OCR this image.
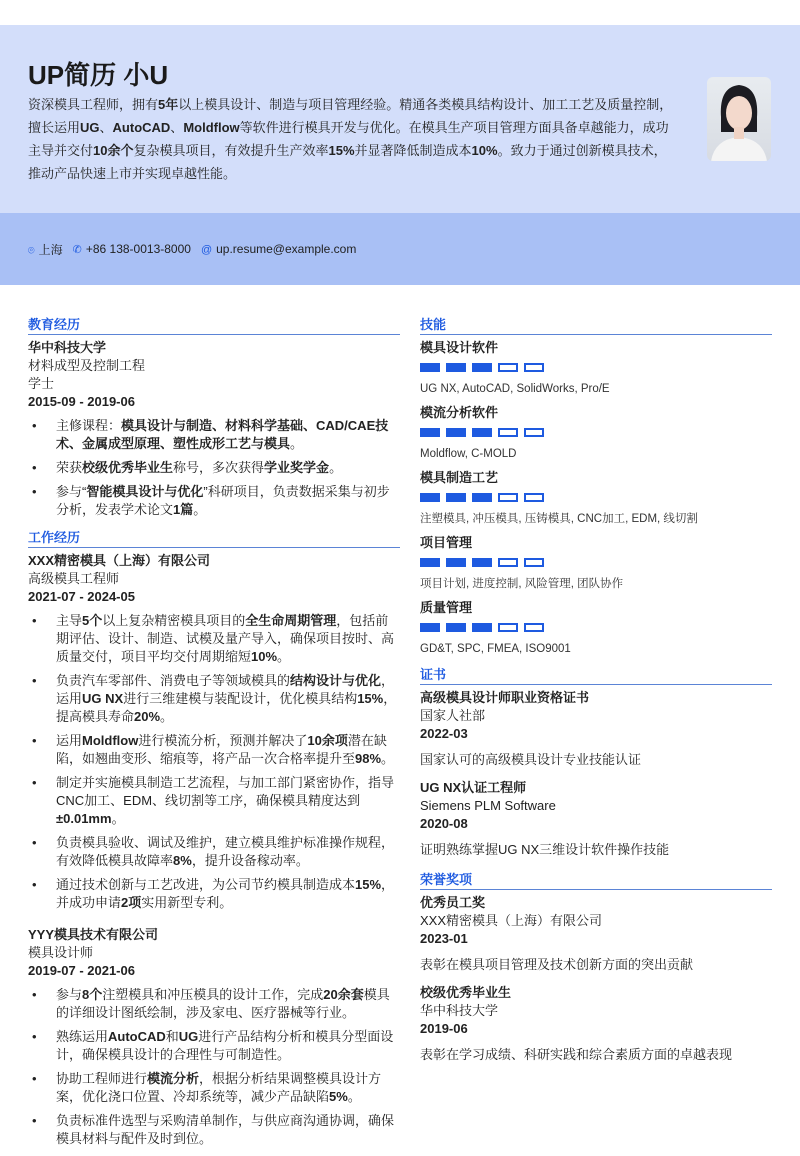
UP简历 小U
资深模具工程师，拥有5年以上模具设计、制造与项目管理经验。精通各类模具结构设计、加工工艺及质量控制，擅长运用UG、AutoCAD、Moldflow等软件进行模具开发与优化。在模具生产项目管理方面具备卓越能力，成功主导并交付10余个复杂模具项目，有效提升生产效率15%并显著降低制造成本10%。致力于通过创新模具技术，推动产品快速上市并实现卓越性能。
⌾ 上海 ✆ +86 138-0013-8000 @ up.resume@example.com
教育经历
华中科技大学
材料成型及控制工程
学士
2015-09 - 2019-06
• 主修课程：模具设计与制造、材料科学基础、CAD/CAE技术、金属成型原理、塑性成形工艺与模具。
• 荣获校级优秀毕业生称号，多次获得学业奖学金。
• 参与“智能模具设计与优化”科研项目，负责数据采集与初步分析，发表学术论文1篇。
工作经历
XXX精密模具（上海）有限公司
高级模具工程师
2021-07 - 2024-05
• 主导5个以上复杂精密模具项目的全生命周期管理，包括前期评估、设计、制造、试模及量产导入，确保项目按时、高质量交付，项目平均交付周期缩短10%。
• 负责汽车零部件、消费电子等领域模具的结构设计与优化，运用UG NX进行三维建模与装配设计，优化模具结构15%，提高模具寿命20%。
• 运用Moldflow进行模流分析，预测并解决了10余项潜在缺陷，如翘曲变形、缩痕等，将产品一次合格率提升至98%。
• 制定并实施模具制造工艺流程，与加工部门紧密协作，指导CNC加工、EDM、线切割等工序，确保模具精度达到±0.01mm。
• 负责模具验收、调试及维护，建立模具维护标准操作规程，有效降低模具故障率8%，提升设备稼动率。
• 通过技术创新与工艺改进，为公司节约模具制造成本15%，并成功申请2项实用新型专利。
YYY模具技术有限公司
模具设计师
2019-07 - 2021-06
• 参与8个注塑模具和冲压模具的设计工作，完成20余套模具的详细设计图纸绘制，涉及家电、医疗器械等行业。
• 熟练运用AutoCAD和UG进行产品结构分析和模具分型面设计，确保模具设计的合理性与可制造性。
• 协助工程师进行模流分析，根据分析结果调整模具设计方案，优化浇口位置、冷却系统等，减少产品缺陷5%。
• 负责标准件选型与采购清单制作，与供应商沟通协调，确保模具材料与配件及时到位。
技能
模具设计软件
UG NX, AutoCAD, SolidWorks, Pro/E
模流分析软件
Moldflow, C-MOLD
模具制造工艺
注塑模具, 冲压模具, 压铸模具, CNC加工, EDM, 线切割
项目管理
项目计划, 进度控制, 风险管理, 团队协作
质量管理
GD&T, SPC, FMEA, ISO9001
证书
高级模具设计师职业资格证书
国家人社部
2022-03
国家认可的高级模具设计专业技能认证
UG NX认证工程师
Siemens PLM Software
2020-08
证明熟练掌握UG NX三维设计软件操作技能
荣誉奖项
优秀员工奖
XXX精密模具（上海）有限公司
2023-01
表彰在模具项目管理及技术创新方面的突出贡献
校级优秀毕业生
华中科技大学
2019-06
表彰在学习成绩、科研实践和综合素质方面的卓越表现
